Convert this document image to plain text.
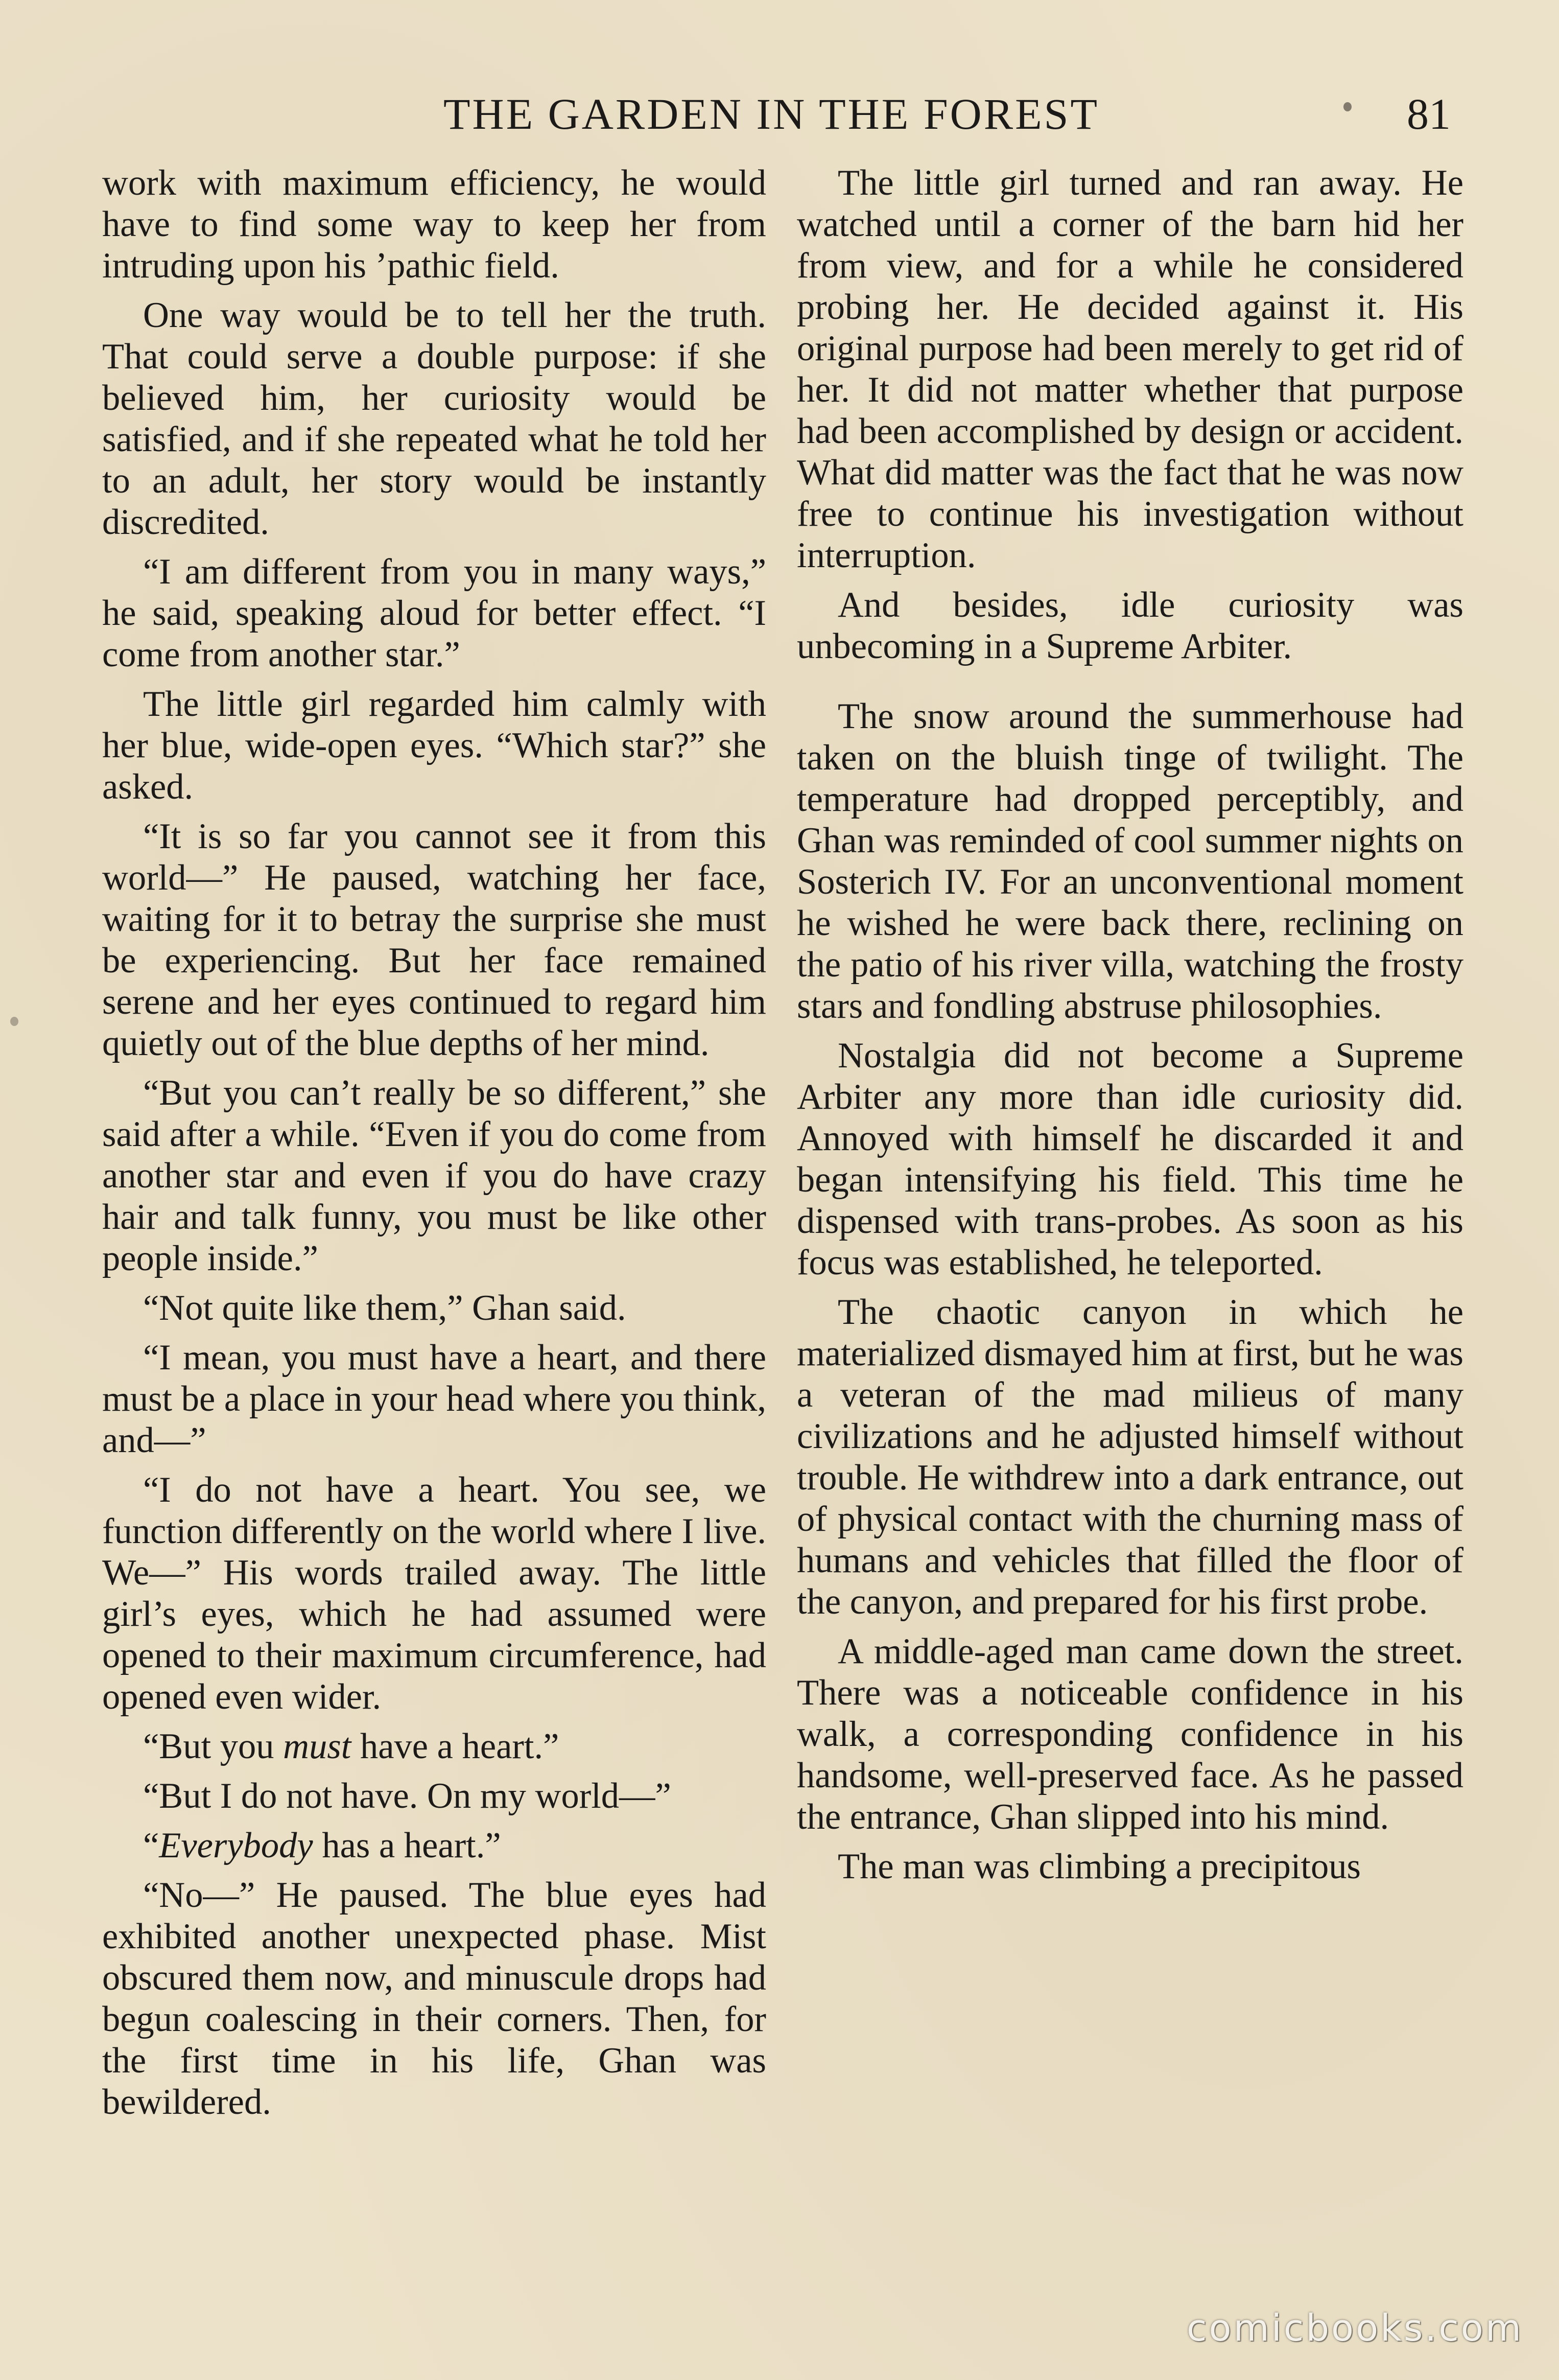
THE GARDEN IN THE FOREST	81

work with maximum efficiency, he would have to find some way to keep her from intruding upon his ’pathic field.

One way would be to tell her the truth. That could serve a double purpose: if she believed him, her curiosity would be satisfied, and if she repeated what he told her to an adult, her story would be instantly discredited.

“I am different from you in many ways,” he said, speaking aloud for better effect. “I come from another star.”

The little girl regarded him calmly with her blue, wide-open eyes. “Which star?” she asked.

“It is so far you cannot see it from this world—” He paused, watching her face, waiting for it to betray the surprise she must be experiencing. But her face remained serene and her eyes continued to regard him quietly out of the blue depths of her mind.

“But you can’t really be so different,” she said after a while. “Even if you do come from another star and even if you do have crazy hair and talk funny, you must be like other people inside.”

“Not quite like them,” Ghan said.

“I mean, you must have a heart, and there must be a place in your head where you think, and—”

“I do not have a heart. You see, we function differently on the world where I live. We—” His words trailed away. The little girl’s eyes, which he had assumed were opened to their maximum circumference, had opened even wider.

“But you must have a heart.”

“But I do not have. On my world—”

“Everybody has a heart.”

“No—” He paused. The blue eyes had exhibited another unexpected phase. Mist obscured them now, and minuscule drops had begun coalescing in their corners. Then, for the first time in his life, Ghan was bewildered.

The little girl turned and ran away. He watched until a corner of the barn hid her from view, and for a while he considered probing her. He decided against it. His original purpose had been merely to get rid of her. It did not matter whether that purpose had been accomplished by design or accident. What did matter was the fact that he was now free to continue his investigation without interruption.

And besides, idle curiosity was unbecoming in a Supreme Arbiter.

The snow around the summerhouse had taken on the bluish tinge of twilight. The temperature had dropped perceptibly, and Ghan was reminded of cool summer nights on Sosterich IV. For an unconventional moment he wished he were back there, reclining on the patio of his river villa, watching the frosty stars and fondling abstruse philosophies.

Nostalgia did not become a Supreme Arbiter any more than idle curiosity did. Annoyed with himself he discarded it and began intensifying his field. This time he dispensed with trans-probes. As soon as his focus was established, he teleported.

The chaotic canyon in which he materialized dismayed him at first, but he was a veteran of the mad milieus of many civilizations and he adjusted himself without trouble. He withdrew into a dark entrance, out of physical contact with the churning mass of humans and vehicles that filled the floor of the canyon, and prepared for his first probe.

A middle-aged man came down the street. There was a noticeable confidence in his walk, a corresponding confidence in his handsome, well-preserved face. As he passed the entrance, Ghan slipped into his mind.

The man was climbing a precipitous

comicbooks.com
